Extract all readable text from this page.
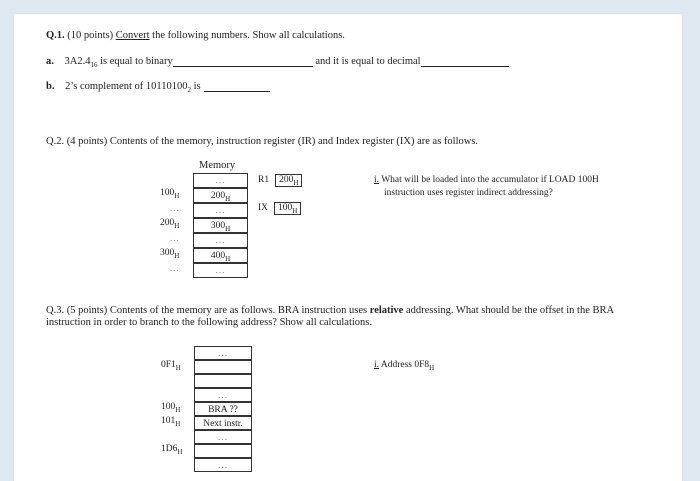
Q.1. (10 points) Convert the following numbers. Show all calculations.
a. $3A2.4_{16}$ is equal to binary	and it is equal to decimal
b. 2’s complement of $10110100_2$ is
Q.2. (4 points) Contents of the memory, instruction register (IR) and Index register (IX) are as follows.
Memory
...
$200_H$
...
$300_H$
...
$400_H$
...
$100_H$
...
$200_H$
...
$300_H$
...
R1 $200_H$
IX $100_H$
i. What will be loaded into the accumulator if LOAD 100H
instruction uses register indirect addressing?
Q.3. (5 points) Contents of the memory are as follows. BRA instruction uses relative addressing. What should be the offset in the BRA
instruction in order to branch to the following address? Show all calculations.
...
...
BRA ??
Next instr.
...
...
$0F1_H$
$100_H$
$101_H$
$1D6_H$
i. Address $0F8_H$
